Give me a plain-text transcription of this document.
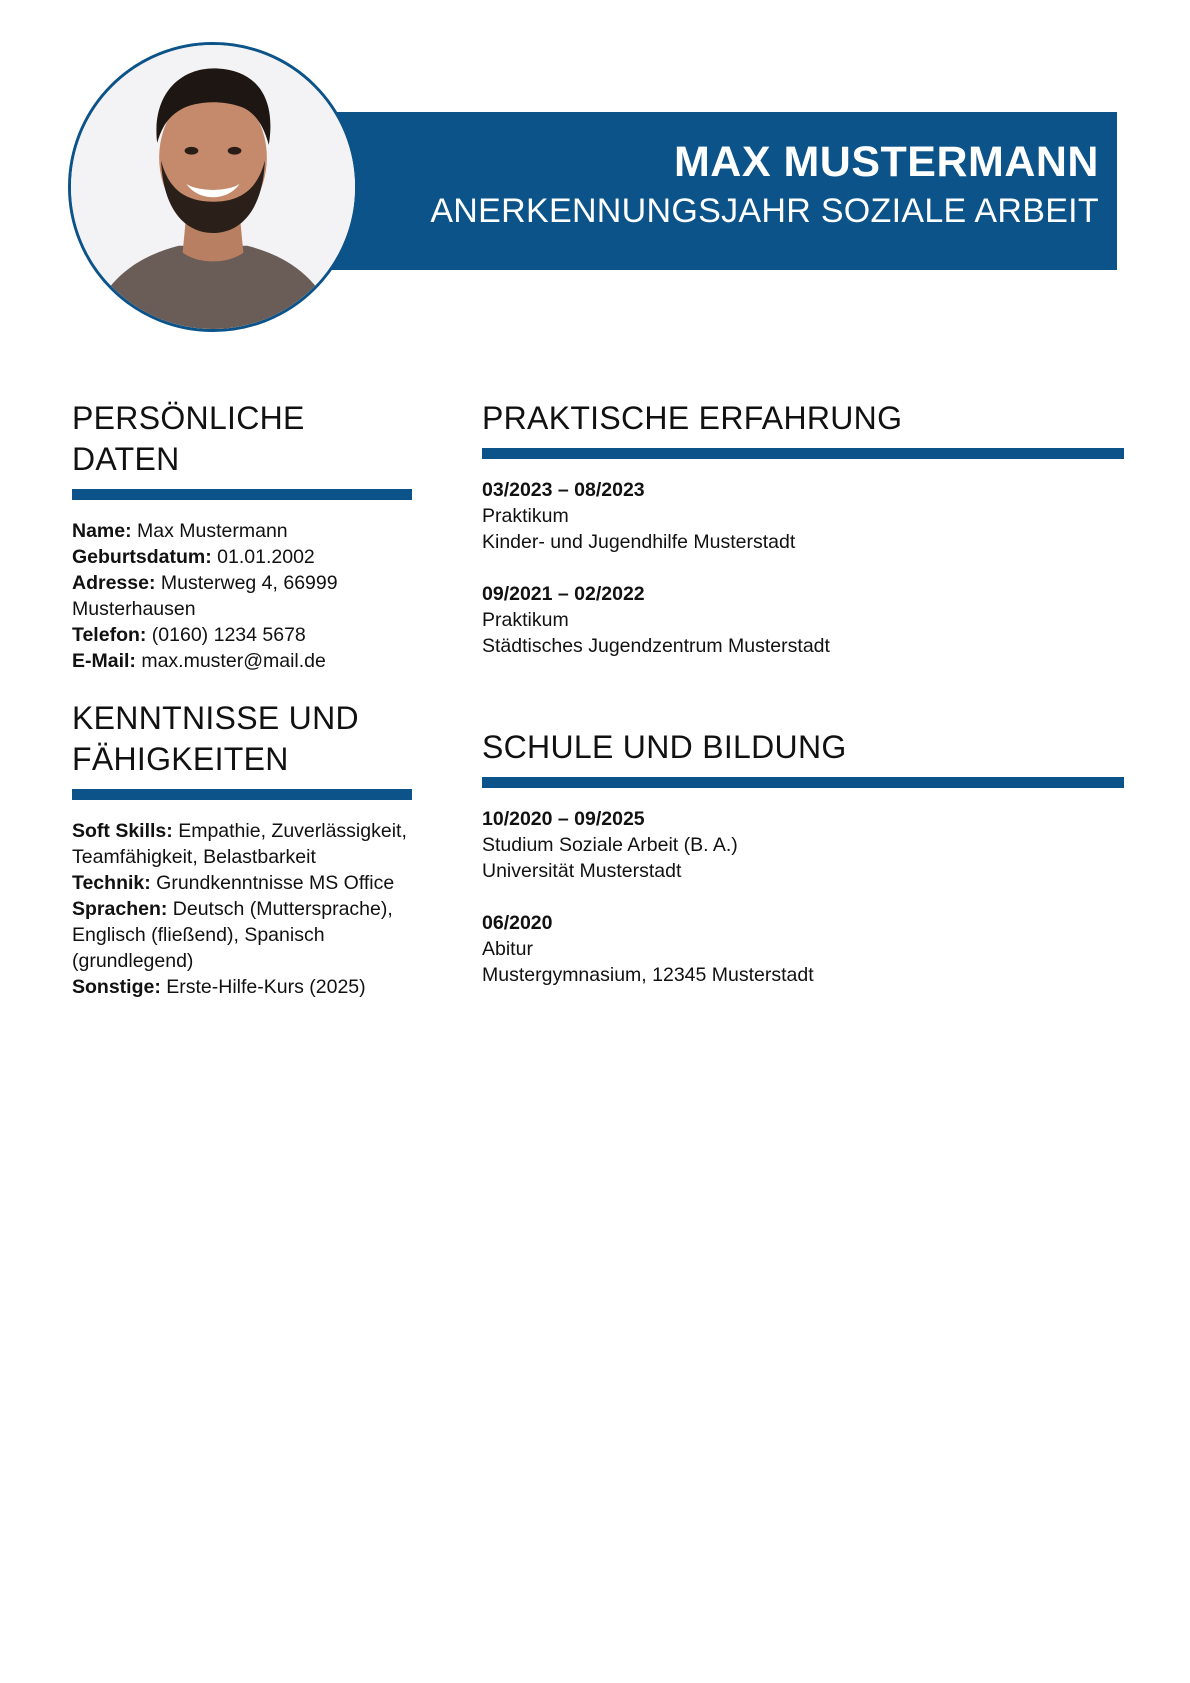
MAX MUSTERMANN
ANERKENNUNGSJAHR SOZIALE ARBEIT
PERSÖNLICHE DATEN
Name: Max Mustermann
Geburtsdatum: 01.01.2002
Adresse: Musterweg 4, 66999 Musterhausen
Telefon: (0160) 1234 5678
E-Mail: max.muster@mail.de
KENNTNISSE UND FÄHIGKEITEN
Soft Skills: Empathie, Zuverlässigkeit, Teamfähigkeit, Belastbarkeit
Technik: Grundkenntnisse MS Office
Sprachen: Deutsch (Muttersprache), Englisch (fließend), Spanisch (grundlegend)
Sonstige: Erste-Hilfe-Kurs (2025)
PRAKTISCHE ERFAHRUNG
03/2023 – 08/2023
Praktikum
Kinder- und Jugendhilfe Musterstadt
09/2021 – 02/2022
Praktikum
Städtisches Jugendzentrum Musterstadt
SCHULE UND BILDUNG
10/2020 – 09/2025
Studium Soziale Arbeit (B. A.)
Universität Musterstadt
06/2020
Abitur
Mustergymnasium, 12345 Musterstadt
